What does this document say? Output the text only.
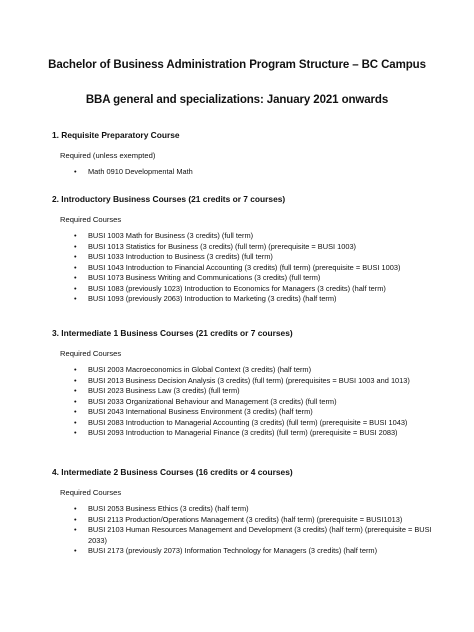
Bachelor of Business Administration Program Structure – BC Campus
BBA general and specializations: January 2021 onwards
1. Requisite Preparatory Course
Required (unless exempted)
• Math 0910 Developmental Math
2. Introductory Business Courses (21 credits or 7 courses)
Required Courses
• BUSI 1003 Math for Business (3 credits) (full term)
• BUSI 1013 Statistics for Business (3 credits) (full term) (prerequisite = BUSI 1003)
• BUSI 1033 Introduction to Business (3 credits) (full term)
• BUSI 1043 Introduction to Financial Accounting (3 credits) (full term) (prerequisite = BUSI 1003)
• BUSI 1073 Business Writing and Communications (3 credits) (full term)
• BUSI 1083 (previously 1023) Introduction to Economics for Managers (3 credits) (half term)
• BUSI 1093 (previously 2063) Introduction to Marketing (3 credits) (half term)
3. Intermediate 1 Business Courses (21 credits or 7 courses)
Required Courses
• BUSI 2003 Macroeconomics in Global Context (3 credits) (half term)
• BUSI 2013 Business Decision Analysis (3 credits) (full term) (prerequisites = BUSI 1003 and 1013)
• BUSI 2023 Business Law (3 credits) (full term)
• BUSI 2033 Organizational Behaviour and Management (3 credits) (full term)
• BUSI 2043 International Business Environment (3 credits) (half term)
• BUSI 2083 Introduction to Managerial Accounting (3 credits) (full term) (prerequisite = BUSI 1043)
• BUSI 2093 Introduction to Managerial Finance (3 credits) (full term) (prerequisite = BUSI 2083)
4. Intermediate 2 Business Courses (16 credits or 4 courses)
Required Courses
• BUSI 2053 Business Ethics (3 credits) (half term)
• BUSI 2113 Production/Operations Management (3 credits) (half term) (prerequisite = BUSI1013)
• BUSI 2103 Human Resources Management and Development (3 credits) (half term) (prerequisite = BUSI 2033)
• BUSI 2173 (previously 2073) Information Technology for Managers (3 credits) (half term)
